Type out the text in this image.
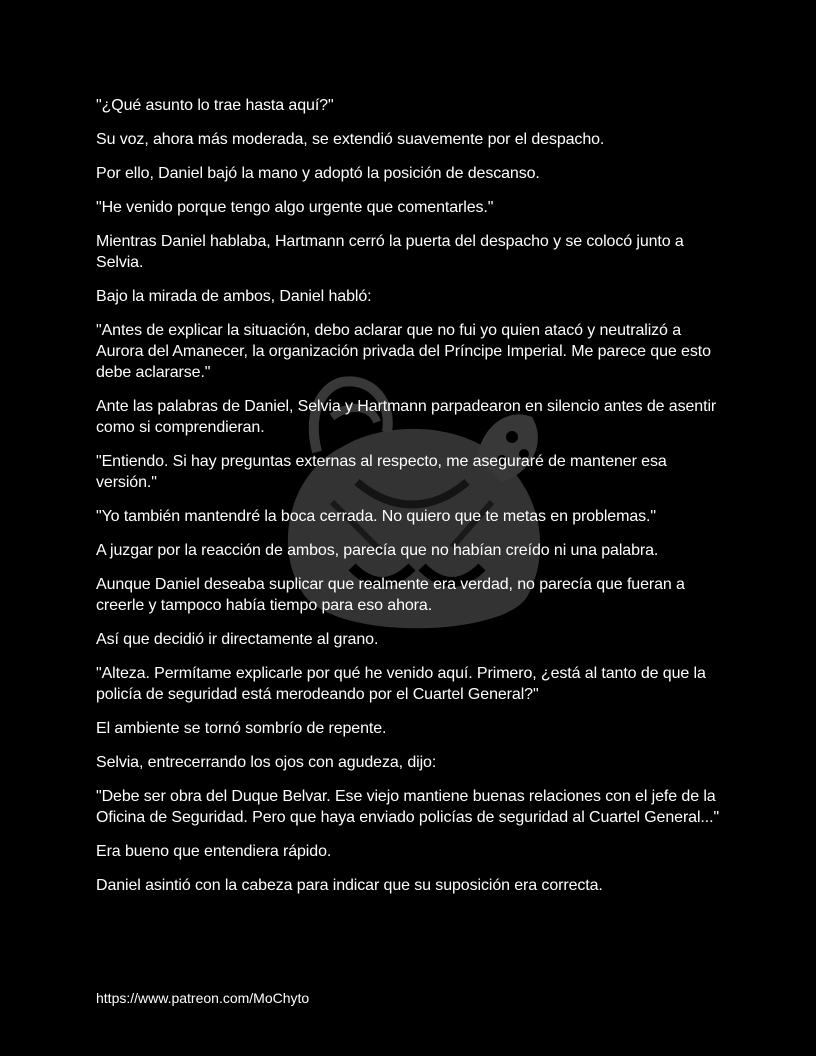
"¿Qué asunto lo trae hasta aquí?"

Su voz, ahora más moderada, se extendió suavemente por el despacho.

Por ello, Daniel bajó la mano y adoptó la posición de descanso.

"He venido porque tengo algo urgente que comentarles."

Mientras Daniel hablaba, Hartmann cerró la puerta del despacho y se colocó junto a Selvia.

Bajo la mirada de ambos, Daniel habló:

"Antes de explicar la situación, debo aclarar que no fui yo quien atacó y neutralizó a Aurora del Amanecer, la organización privada del Príncipe Imperial. Me parece que esto debe aclararse."

Ante las palabras de Daniel, Selvia y Hartmann parpadearon en silencio antes de asentir como si comprendieran.

"Entiendo. Si hay preguntas externas al respecto, me aseguraré de mantener esa versión."

"Yo también mantendré la boca cerrada. No quiero que te metas en problemas."

A juzgar por la reacción de ambos, parecía que no habían creído ni una palabra.

Aunque Daniel deseaba suplicar que realmente era verdad, no parecía que fueran a creerle y tampoco había tiempo para eso ahora.

Así que decidió ir directamente al grano.

"Alteza. Permítame explicarle por qué he venido aquí. Primero, ¿está al tanto de que la policía de seguridad está merodeando por el Cuartel General?"

El ambiente se tornó sombrío de repente.

Selvia, entrecerrando los ojos con agudeza, dijo:

"Debe ser obra del Duque Belvar. Ese viejo mantiene buenas relaciones con el jefe de la Oficina de Seguridad. Pero que haya enviado policías de seguridad al Cuartel General..."

Era bueno que entendiera rápido.

Daniel asintió con la cabeza para indicar que su suposición era correcta.

https://www.patreon.com/MoChyto
